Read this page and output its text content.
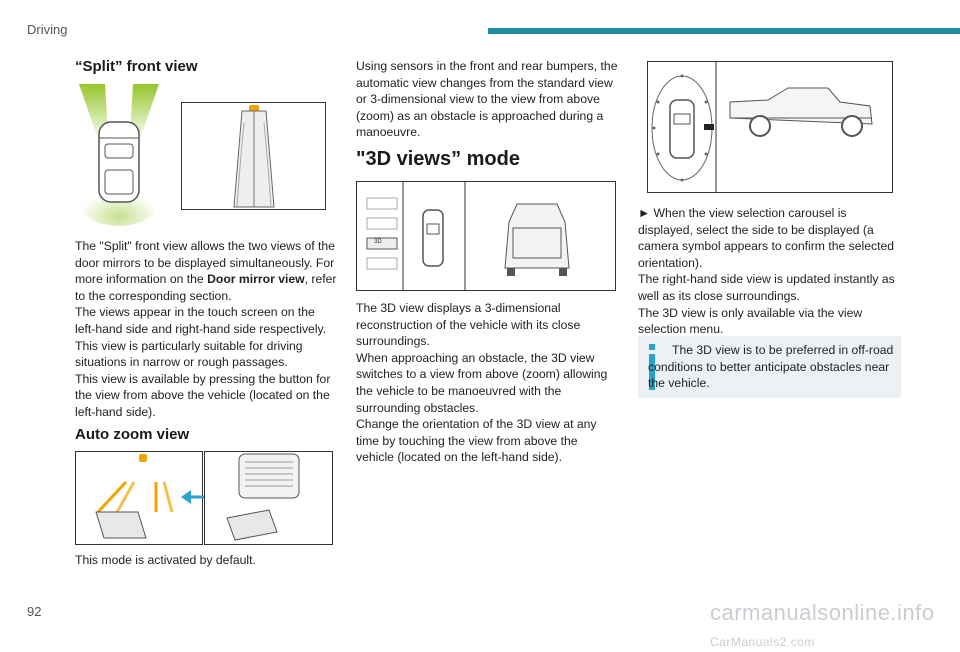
Driving
“Split” front view

The "Split" front view allows the two views of the door mirrors to be displayed simultaneously. For more information on the Door mirror view, refer to the corresponding section.

The views appear in the touch screen on the left-hand side and right-hand side respectively.

This view is particularly suitable for driving situations in narrow or rough passages.

This view is available by pressing the button for the view from above the vehicle (located on the left-hand side).

Auto zoom view
This mode is activated by default.
Using sensors in the front and rear bumpers, the automatic view changes from the standard view or 3-dimensional view to the view from above (zoom) as an obstacle is approached during a manoeuvre.
"3D views” mode
3D

The 3D view displays a 3-dimensional reconstruction of the vehicle with its close surroundings.

When approaching an obstacle, the 3D view switches to a view from above (zoom) allowing the vehicle to be manoeuvred with the surrounding obstacles.

Change the orientation of the 3D view at any time by touching the view from above the vehicle (located on the left-hand side).

► When the view selection carousel is displayed, select the side to be displayed (a camera symbol appears to confirm the selected orientation).

The right-hand side view is updated instantly as well as its close surroundings.

The 3D view is only available via the view selection menu.

The 3D view is to be preferred in off-road conditions to better anticipate obstacles near the vehicle.
92	carmanualsonline.info CarManuals2.com
